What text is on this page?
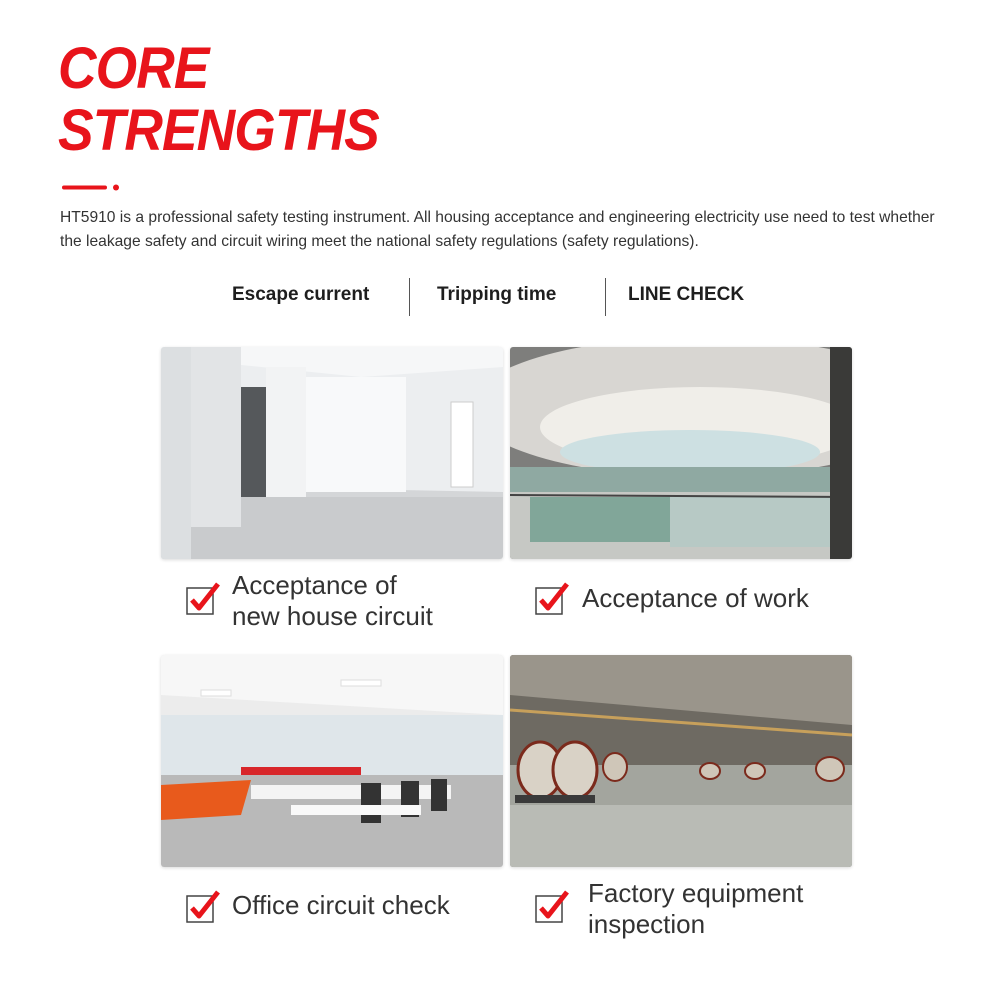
CORE
STRENGTHS

HT5910 is a professional safety testing instrument. All housing acceptance and engineering electricity use need to test whether the leakage safety and circuit wiring meet the national safety regulations (safety regulations).

Escape current	Tripping time	LINE CHECK
Acceptance of
new house circuit
Acceptance of work
Office circuit check	Factory equipment
inspection
